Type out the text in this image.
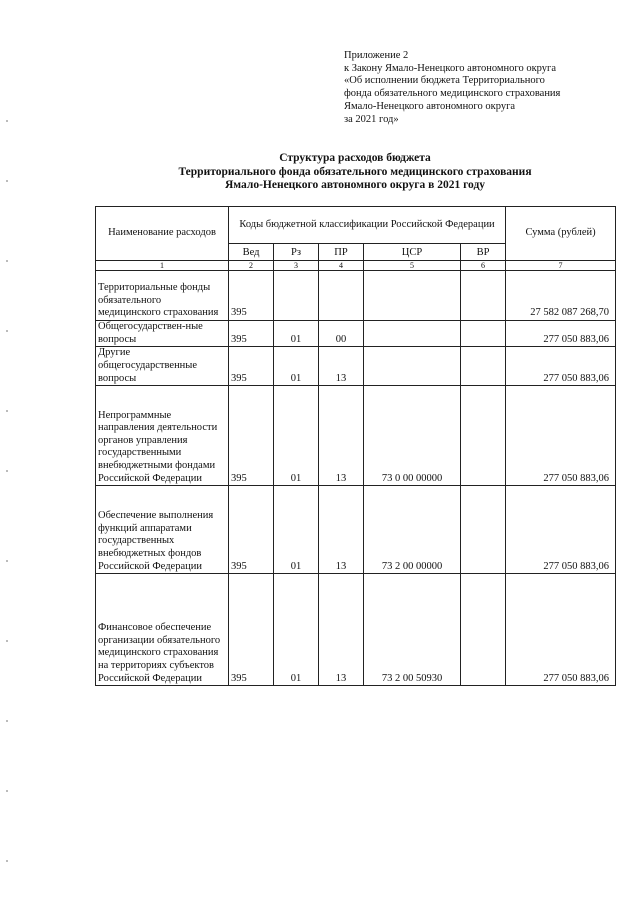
Приложение 2
к Закону Ямало-Ненецкого автономного округа
«Об исполнении бюджета Территориального
фонда обязательного медицинского страхования
Ямало-Ненецкого автономного округа
за 2021 год»
Структура расходов бюджета
Территориального фонда обязательного медицинского страхования
Ямало-Ненецкого автономного округа в 2021 году
Наименование расходов	Коды бюджетной классификации Российской Федерации					Сумма (рублей)
	Вед	Рз	ПР	ЦСР	ВР	
1	2	3	4	5	6	7
Территориальные фонды обязательного медицинского страхования	395					27 582 087 268,70
Общегосударствен-ные вопросы	395	01	00			277 050 883,06
Другие общегосударственные вопросы	395	01	13			277 050 883,06
Непрограммные направления деятельности органов управления государственными внебюджетными фондами Российской Федерации	395	01	13	73 0 00 00000		277 050 883,06
Обеспечение выполнения функций аппаратами государственных внебюджетных фондов Российской Федерации	395	01	13	73 2 00 00000		277 050 883,06
Финансовое обеспечение организации обязательного медицинского страхования на территориях субъектов Российской Федерации	395	01	13	73 2 00 50930		277 050 883,06
